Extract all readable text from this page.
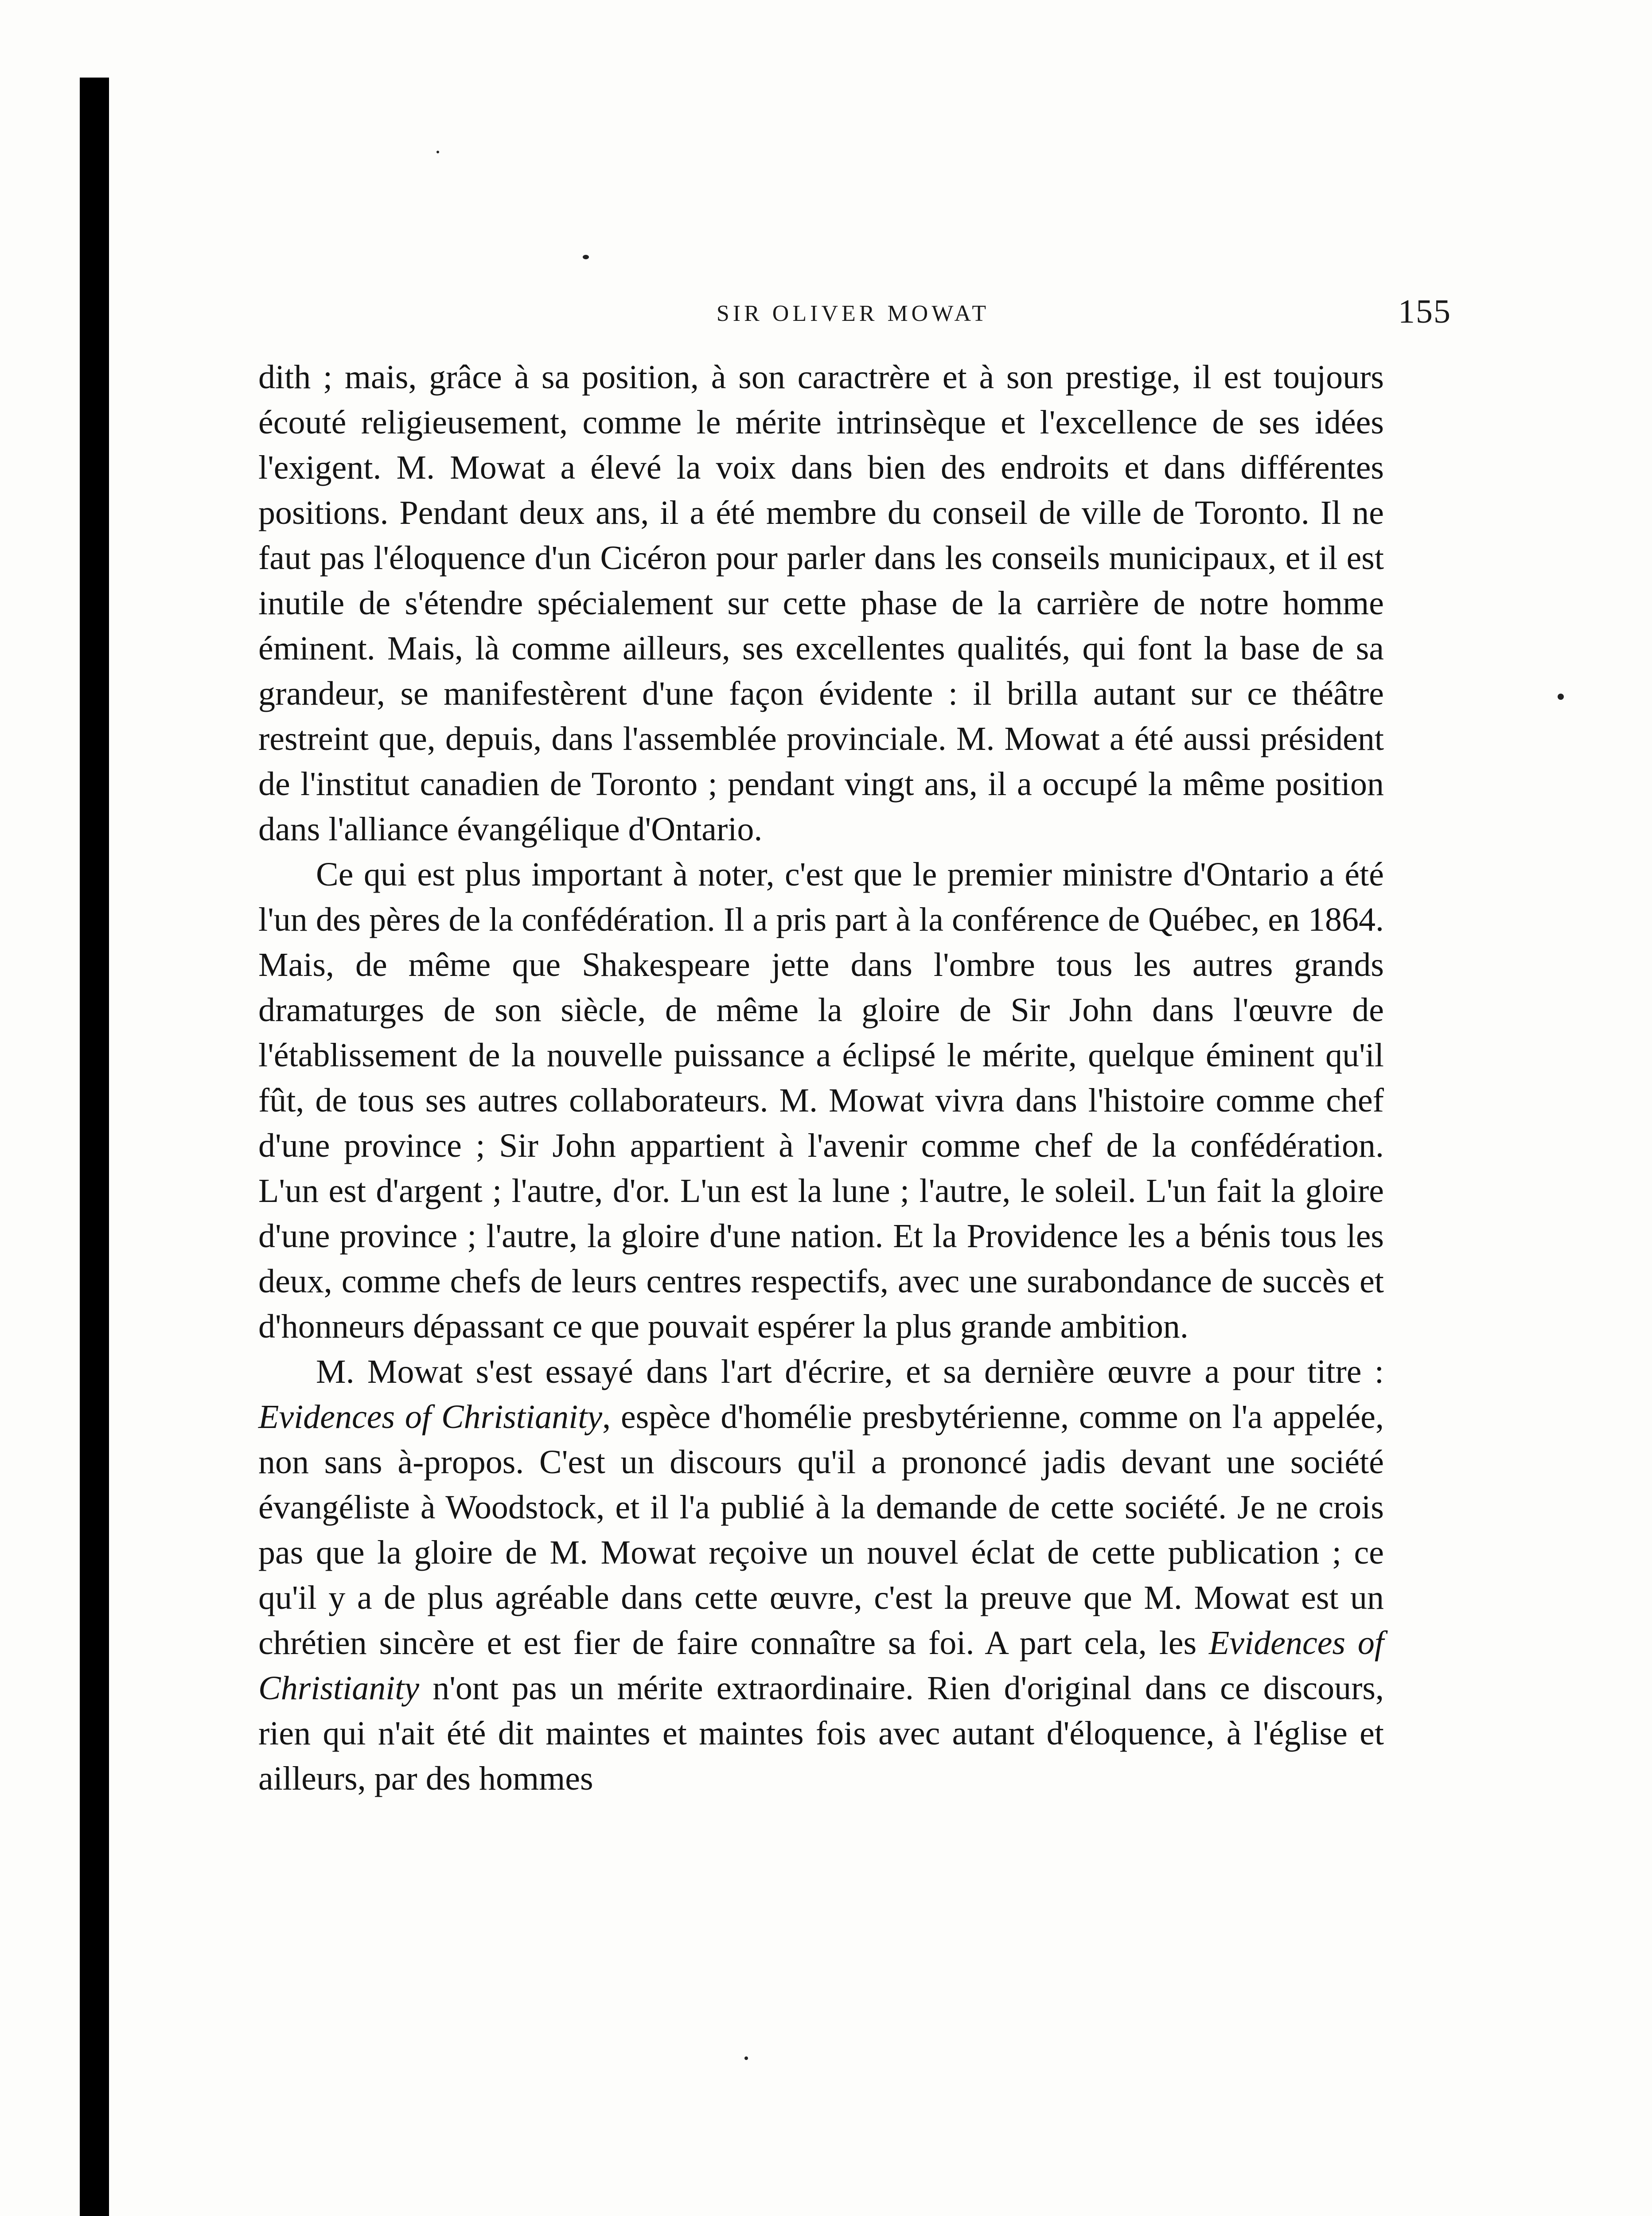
SIR OLIVER MOWAT	155

dith ; mais, grâce à sa position, à son caractrère et à son prestige, il est toujours écouté religieusement, comme le mérite intrinsèque et l'excellence de ses idées l'exigent. M. Mowat a élevé la voix dans bien des endroits et dans différentes positions. Pendant deux ans, il a été membre du conseil de ville de Toronto. Il ne faut pas l'éloquence d'un Cicéron pour parler dans les conseils municipaux, et il est inutile de s'étendre spécialement sur cette phase de la carrière de notre homme éminent. Mais, là comme ailleurs, ses excellentes qualités, qui font la base de sa grandeur, se manifestèrent d'une façon évidente : il brilla autant sur ce théâtre restreint que, depuis, dans l'assemblée provinciale. M. Mowat a été aussi président de l'institut canadien de Toronto ; pendant vingt ans, il a occupé la même position dans l'alliance évangélique d'Ontario.

Ce qui est plus important à noter, c'est que le premier ministre d'Ontario a été l'un des pères de la confédération. Il a pris part à la conférence de Québec, en 1864. Mais, de même que Shakespeare jette dans l'ombre tous les autres grands dramaturges de son siècle, de même la gloire de Sir John dans l'œuvre de l'établissement de la nouvelle puissance a éclipsé le mérite, quelque éminent qu'il fût, de tous ses autres collaborateurs. M. Mowat vivra dans l'histoire comme chef d'une province ; Sir John appartient à l'avenir comme chef de la confédération. L'un est d'argent ; l'autre, d'or. L'un est la lune ; l'autre, le soleil. L'un fait la gloire d'une province ; l'autre, la gloire d'une nation. Et la Providence les a bénis tous les deux, comme chefs de leurs centres respectifs, avec une surabondance de succès et d'honneurs dépassant ce que pouvait espérer la plus grande ambition.

M. Mowat s'est essayé dans l'art d'écrire, et sa dernière œuvre a pour titre : Evidences of Christianity, espèce d'homélie presbytérienne, comme on l'a appelée, non sans à-propos. C'est un discours qu'il a prononcé jadis devant une société évangéliste à Woodstock, et il l'a publié à la demande de cette société. Je ne crois pas que la gloire de M. Mowat reçoive un nouvel éclat de cette publication ; ce qu'il y a de plus agréable dans cette œuvre, c'est la preuve que M. Mowat est un chrétien sincère et est fier de faire connaître sa foi. A part cela, les Evidences of Christianity n'ont pas un mérite extraordinaire. Rien d'original dans ce discours, rien qui n'ait été dit maintes et maintes fois avec autant d'éloquence, à l'église et ailleurs, par des hommes
